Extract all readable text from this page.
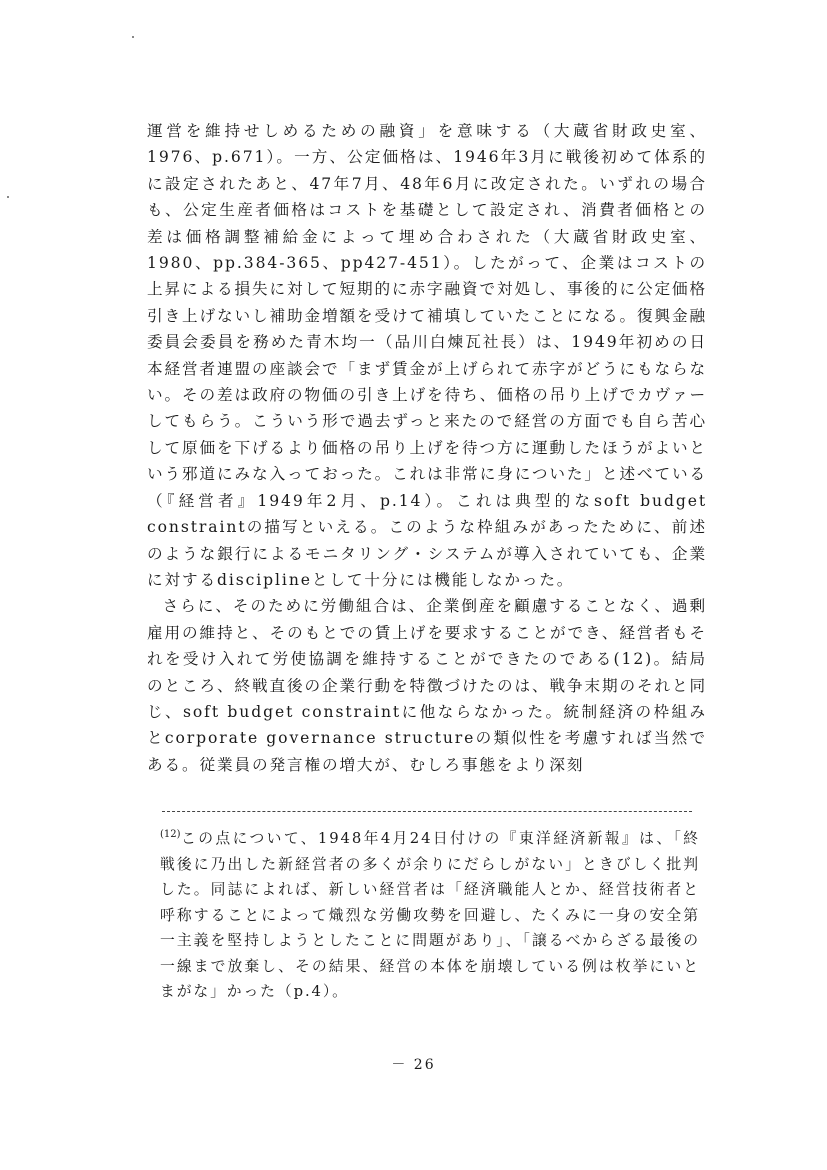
運営を維持せしめるための融資」を意味する（大蔵省財政史室、1976、p.671）。一方、公定価格は、1946年3月に戦後初めて体系的に設定されたあと、47年7月、48年6月に改定された。いずれの場合も、公定生産者価格はコストを基礎として設定され、消費者価格との差は価格調整補給金によって埋め合わされた（大蔵省財政史室、1980、pp.384-365、pp427-451）。したがって、企業はコストの上昇による損失に対して短期的に赤字融資で対処し、事後的に公定価格引き上げないし補助金増額を受けて補填していたことになる。復興金融委員会委員を務めた青木均一（品川白煉瓦社長）は、1949年初めの日本経営者連盟の座談会で「まず賃金が上げられて赤字がどうにもならない。その差は政府の物価の引き上げを待ち、価格の吊り上げでカヴァーしてもらう。こういう形で過去ずっと来たので経営の方面でも自ら苦心して原価を下げるより価格の吊り上げを待つ方に運動したほうがよいという邪道にみな入っておった。これは非常に身についた」と述べている（『経営者』1949年2月、p.14）。これは典型的なsoft budget constraintの描写といえる。このような枠組みがあったために、前述のような銀行によるモニタリング・システムが導入されていても、企業に対するdisciplineとして十分には機能しなかった。

さらに、そのために労働組合は、企業倒産を顧慮することなく、過剰雇用の維持と、そのもとでの賃上げを要求することができ、経営者もそれを受け入れて労使協調を維持することができたのである(12)。結局のところ、終戦直後の企業行動を特徴づけたのは、戦争末期のそれと同じ、soft budget constraintに他ならなかった。統制経済の枠組みとcorporate governance structureの類似性を考慮すれば当然である。従業員の発言権の増大が、むしろ事態をより深刻

$^{(12)}$この点について、1948年4月24日付けの『東洋経済新報』は、「終戦後に乃出した新経営者の多くが余りにだらしがない」ときびしく批判した。同誌によれば、新しい経営者は「経済職能人とか、経営技術者と呼称することによって熾烈な労働攻勢を回避し、たくみに一身の安全第一主義を堅持しようとしたことに問題があり」、「譲るべからざる最後の一線まで放棄し、その結果、経営の本体を崩壊している例は枚挙にいとまがな」かった（p.4）。
－ 26
